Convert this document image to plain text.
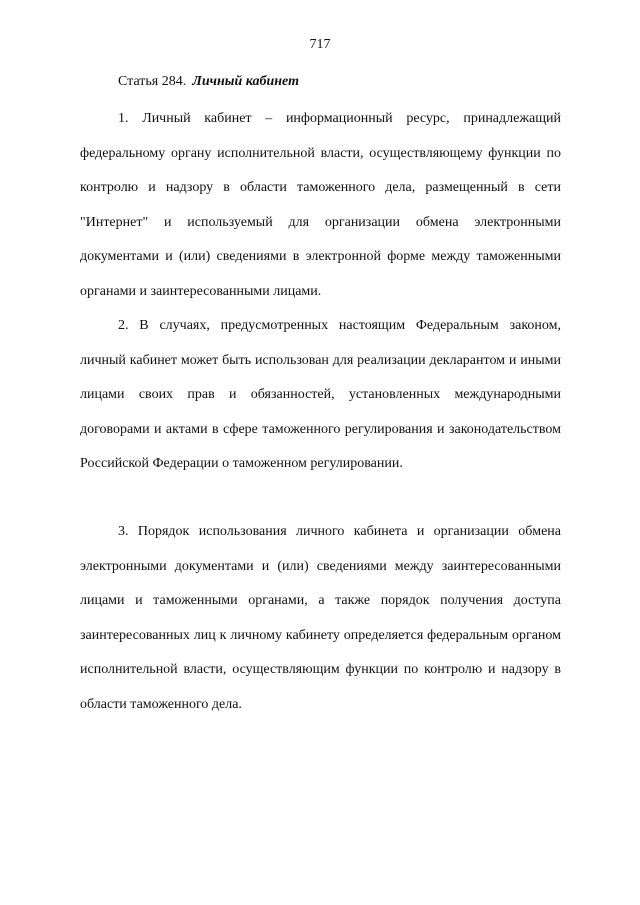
717
Статья 284. Личный кабинет

1. Личный кабинет – информационный ресурс, принадлежащий федеральному органу исполнительной власти, осуществляющему функции по контролю и надзору в области таможенного дела, размещенный в сети "Интернет" и используемый для организации обмена электронными документами и (или) сведениями в электронной форме между таможенными органами и заинтересованными лицами.

2. В случаях, предусмотренных настоящим Федеральным законом, личный кабинет может быть использован для реализации декларантом и иными лицами своих прав и обязанностей, установленных международными договорами и актами в сфере таможенного регулирования и законодательством Российской Федерации о таможенном регулировании.

3. Порядок использования личного кабинета и организации обмена электронными документами и (или) сведениями между заинтересованными лицами и таможенными органами, а также порядок получения доступа заинтересованных лиц к личному кабинету определяется федеральным органом исполнительной власти, осуществляющим функции по контролю и надзору в области таможенного дела.
